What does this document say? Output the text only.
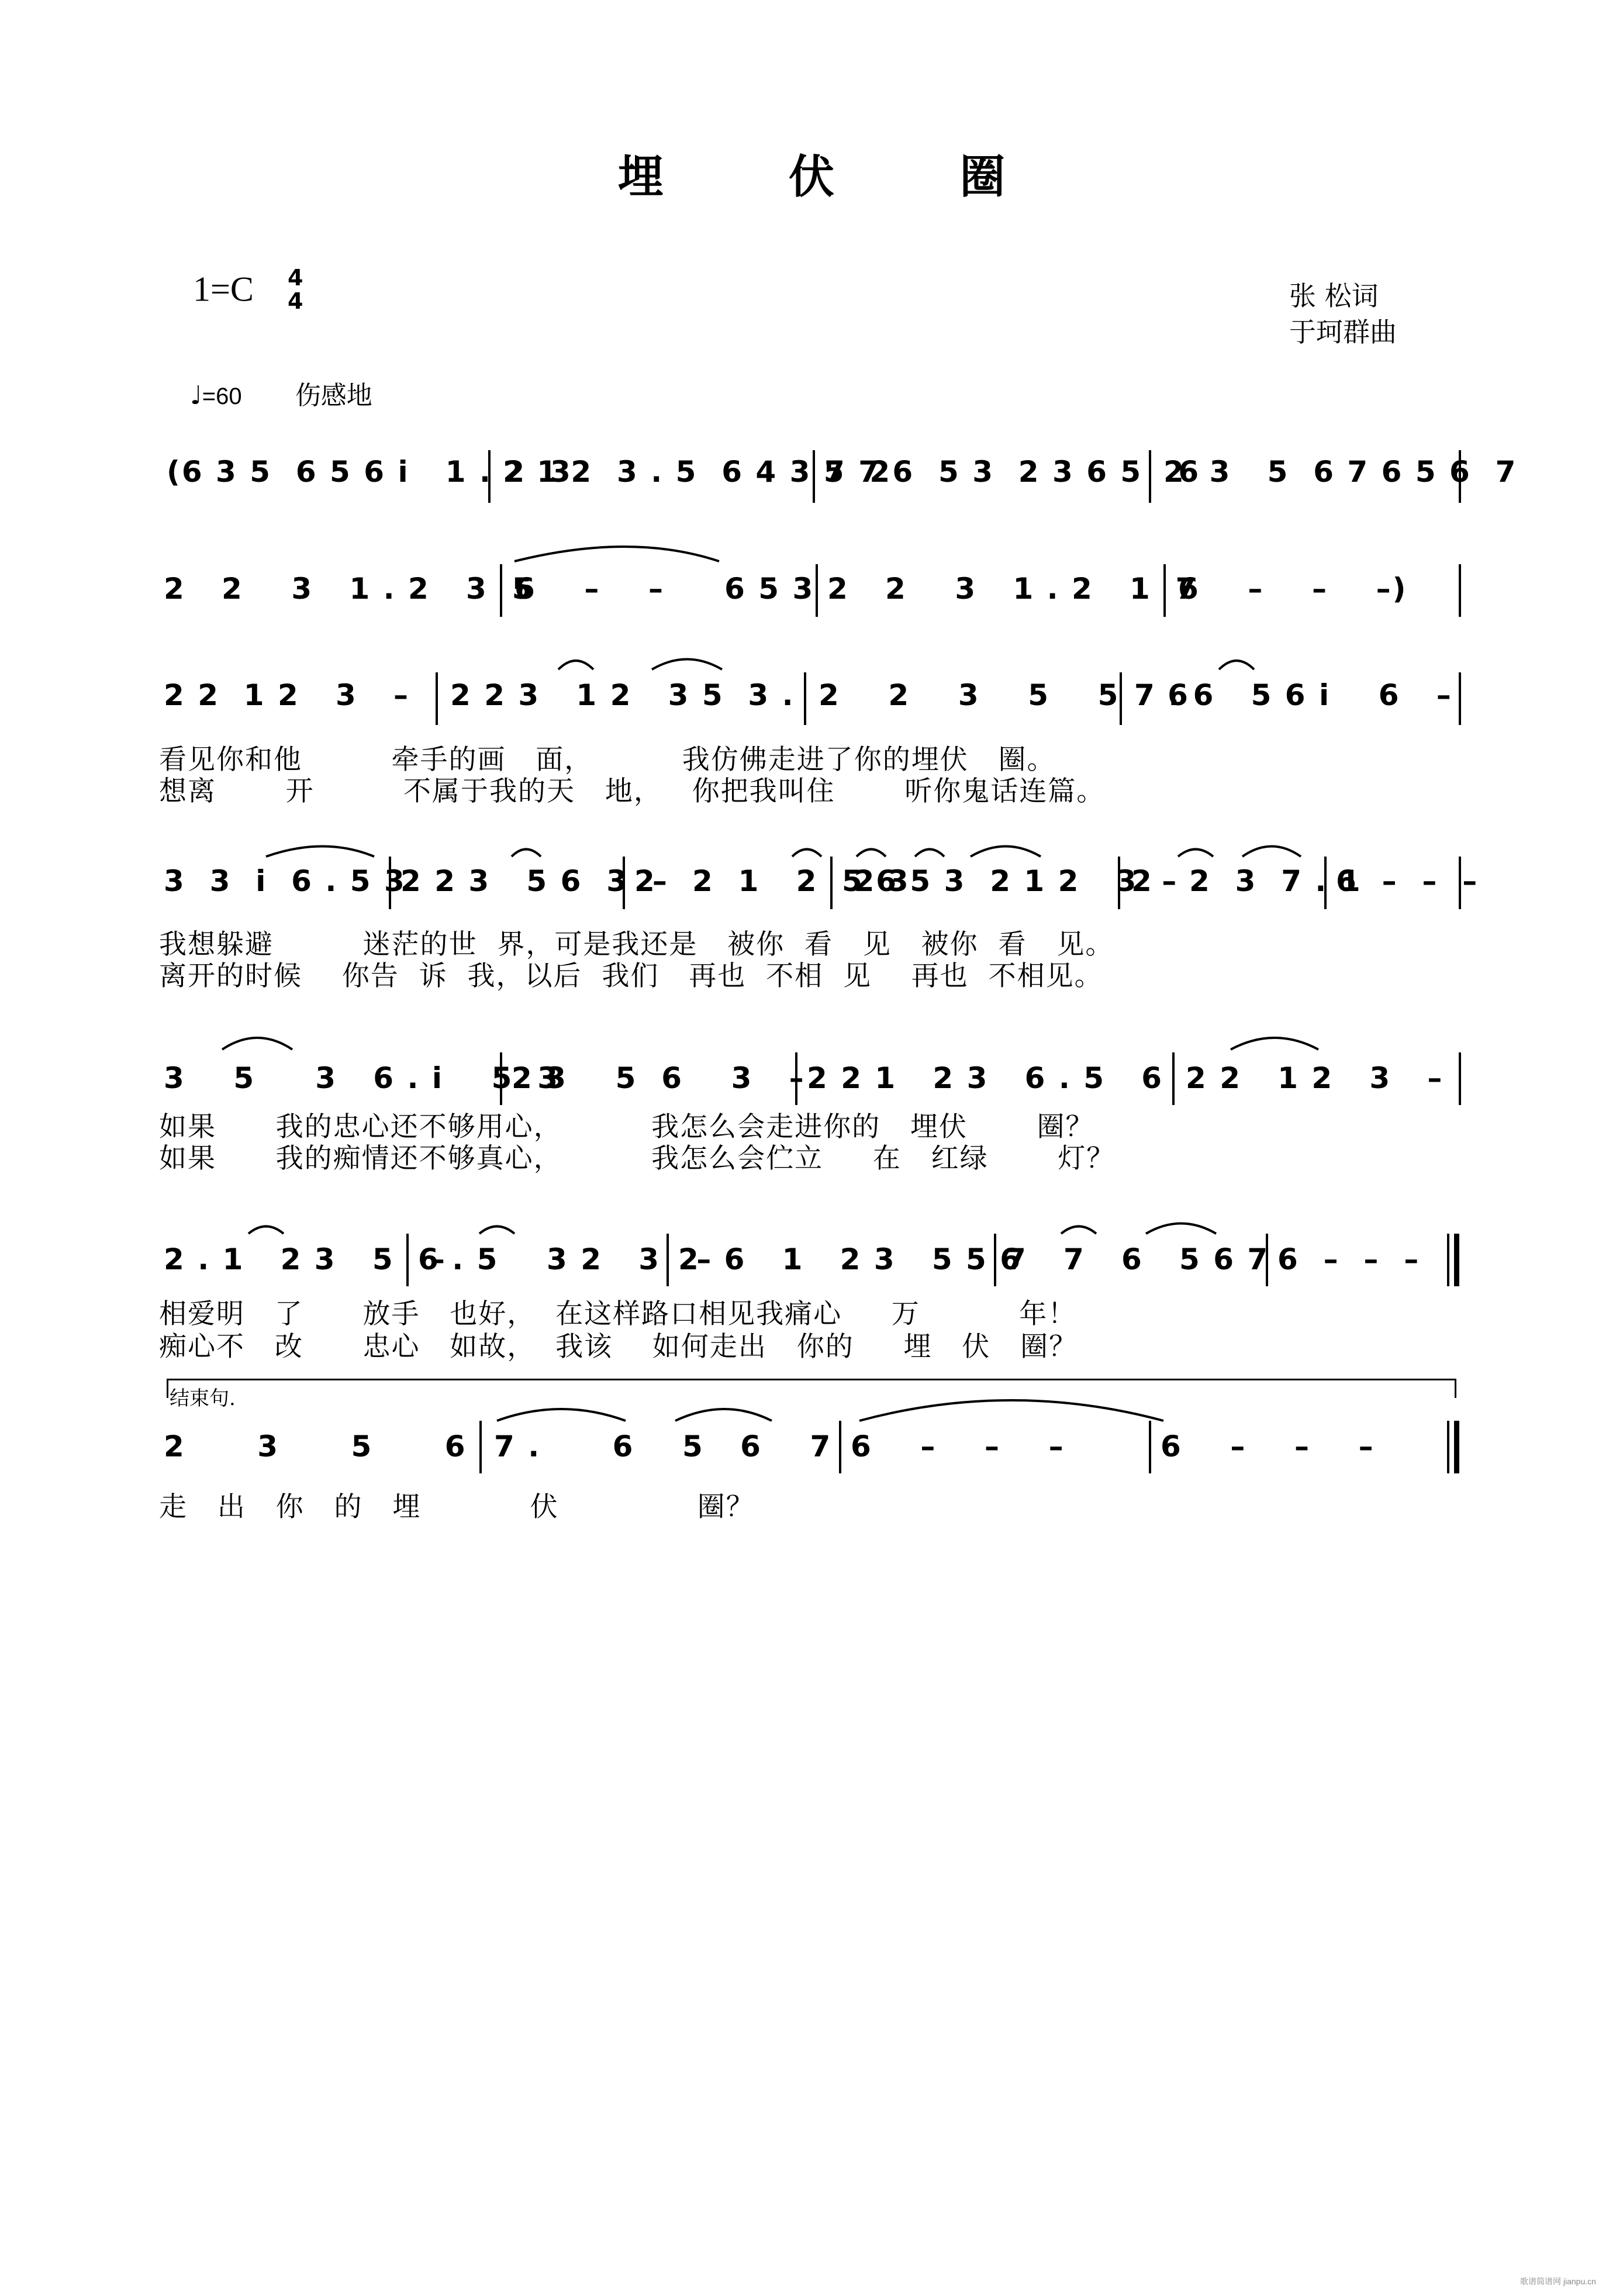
埋 伏 圈
1=C 4
4	张 松词
于珂群曲
♩=60 伤感地
(6 3 5  6 5 6 i   1 . 2  3
2 1 2  3 . 5  6 4 3 5  2
7 7 6  5 3  2 3 6 5   6
2  3   5  6 7 6 5 6  7
2   2    3   1 . 2   3  5
6    –    –     6 5 3 2   2    3   1 . 2   1  7
6    –    –    –)
2 2  1 2   3   – 2 2 3   1 2   3 5  3 . 2    2    3    5    5    6
7 . 6   5 6 i    6   –
看见你和他         牵手的画   面，         我仿佛走进了你的埋伏   圈。
想离       开         不属于我的天   地，   你把我叫住       听你鬼话连篇。
3  3  i  6 . 5 3
2 2 3   5 6  3  –
2   2  1   2   2 3
5 6 5 3  2 1 2   3  –
2   2  3  7 . 1
6  –  –  –
我想躲避         迷茫的世  界，可是我还是   被你  看   见   被你  看   见。
离开的时候    你告  诉  我，以后  我们   再也  不相  见    再也  不相见。
3    5     3   6 . i    5  3
2 3    5  6    3   – 2 2 1   2 3   6 . 5   6 2 2   1 2   3   –
如果      我的忠心还不够用心，         我怎么会走进你的   埋伏       圈？
如果      我的痴情还不够真心，         我怎么会伫立     在   红绿       灯？
2 . 1   2 3   5   –
6 . 5    3 2   3   –
2  6   1   2 3   5 5 6
7   7   6   5 6 7 6  –  –  –
相爱明   了      放手   也好，  在这样路口相见我痛心     万          年！
痴心不   改      忠心   如故，  我该    如何走出   你的     埋   伏   圈？
结束句.
2      3      5      6 7 .      6    5   6    7 6    –    –    –	6    –    –    –
走   出   你   的   埋           伏              圈？
歌谱简谱网 jianpu.cn
